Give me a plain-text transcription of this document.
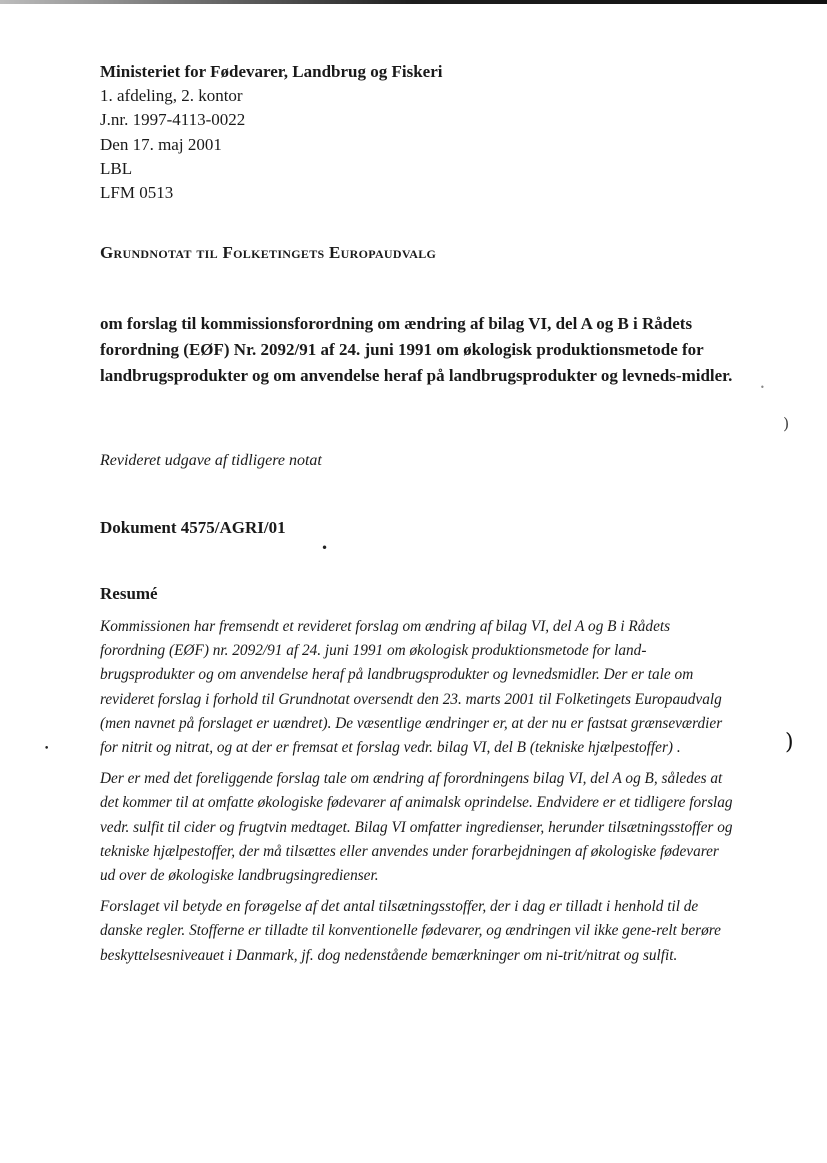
Ministeriet for Fødevarer, Landbrug og Fiskeri
1. afdeling, 2. kontor
J.nr. 1997-4113-0022
Den 17. maj 2001
LBL
LFM 0513
Grundnotat til Folketingets Europaudvalg
om forslag til kommissionsforordning om ændring af bilag VI, del A og B i Rådets forordning (EØF) Nr. 2092/91 af 24. juni 1991 om økologisk produktionsmetode for landbrugsprodukter og om anvendelse heraf på landbrugsprodukter og levneds-midler.
Revideret udgave af tidligere notat
Dokument 4575/AGRI/01
Resumé

Kommissionen har fremsendt et revideret forslag om ændring af bilag VI, del A og B i Rådets forordning (EØF) nr. 2092/91 af 24. juni 1991 om økologisk produktionsmetode for land-brugsprodukter og om anvendelse heraf på landbrugsprodukter og levnedsmidler. Der er tale om revideret forslag i forhold til Grundnotat oversendt den 23. marts 2001 til Folketingets Europaudvalg (men navnet på forslaget er uændret). De væsentlige ændringer er, at der nu er fastsat grænseværdier for nitrit og nitrat, og at der er fremsat et forslag vedr. bilag VI, del B (tekniske hjælpestoffer) .

Der er med det foreliggende forslag tale om ændring af forordningens bilag VI, del A og B, således at det kommer til at omfatte økologiske fødevarer af animalsk oprindelse. Endvidere er et tidligere forslag vedr. sulfit til cider og frugtvin medtaget. Bilag VI omfatter ingredienser, herunder tilsætningsstoffer og tekniske hjælpestoffer, der må tilsættes eller anvendes under forarbejdningen af økologiske fødevarer ud over de økologiske landbrugsingredienser.

Forslaget vil betyde en forøgelse af det antal tilsætningsstoffer, der i dag er tilladt i henhold til de danske regler. Stofferne er tilladte til konventionelle fødevarer, og ændringen vil ikke gene-relt berøre beskyttelsesniveauet i Danmark, jf. dog nedenstående bemærkninger om ni-trit/nitrat og sulfit.

)
)
•
•
•
